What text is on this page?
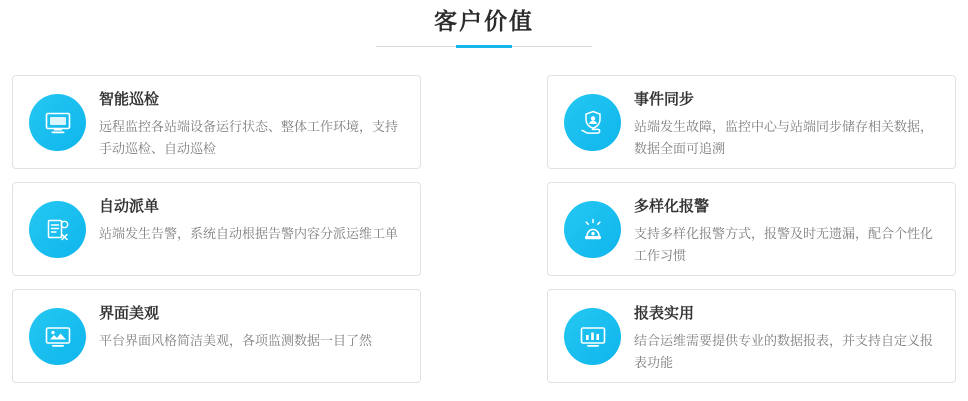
客户价值
智能巡检
远程监控各站端设备运行状态、整体工作环境，支持手动巡检、自动巡检
事件同步
站端发生故障，监控中心与站端同步储存相关数据，数据全面可追溯
自动派单
站端发生告警，系统自动根据告警内容分派运维工单
多样化报警
支持多样化报警方式，报警及时无遗漏，配合个性化工作习惯
界面美观
平台界面风格简洁美观，各项监测数据一目了然
报表实用
结合运维需要提供专业的数据报表，并支持自定义报表功能
